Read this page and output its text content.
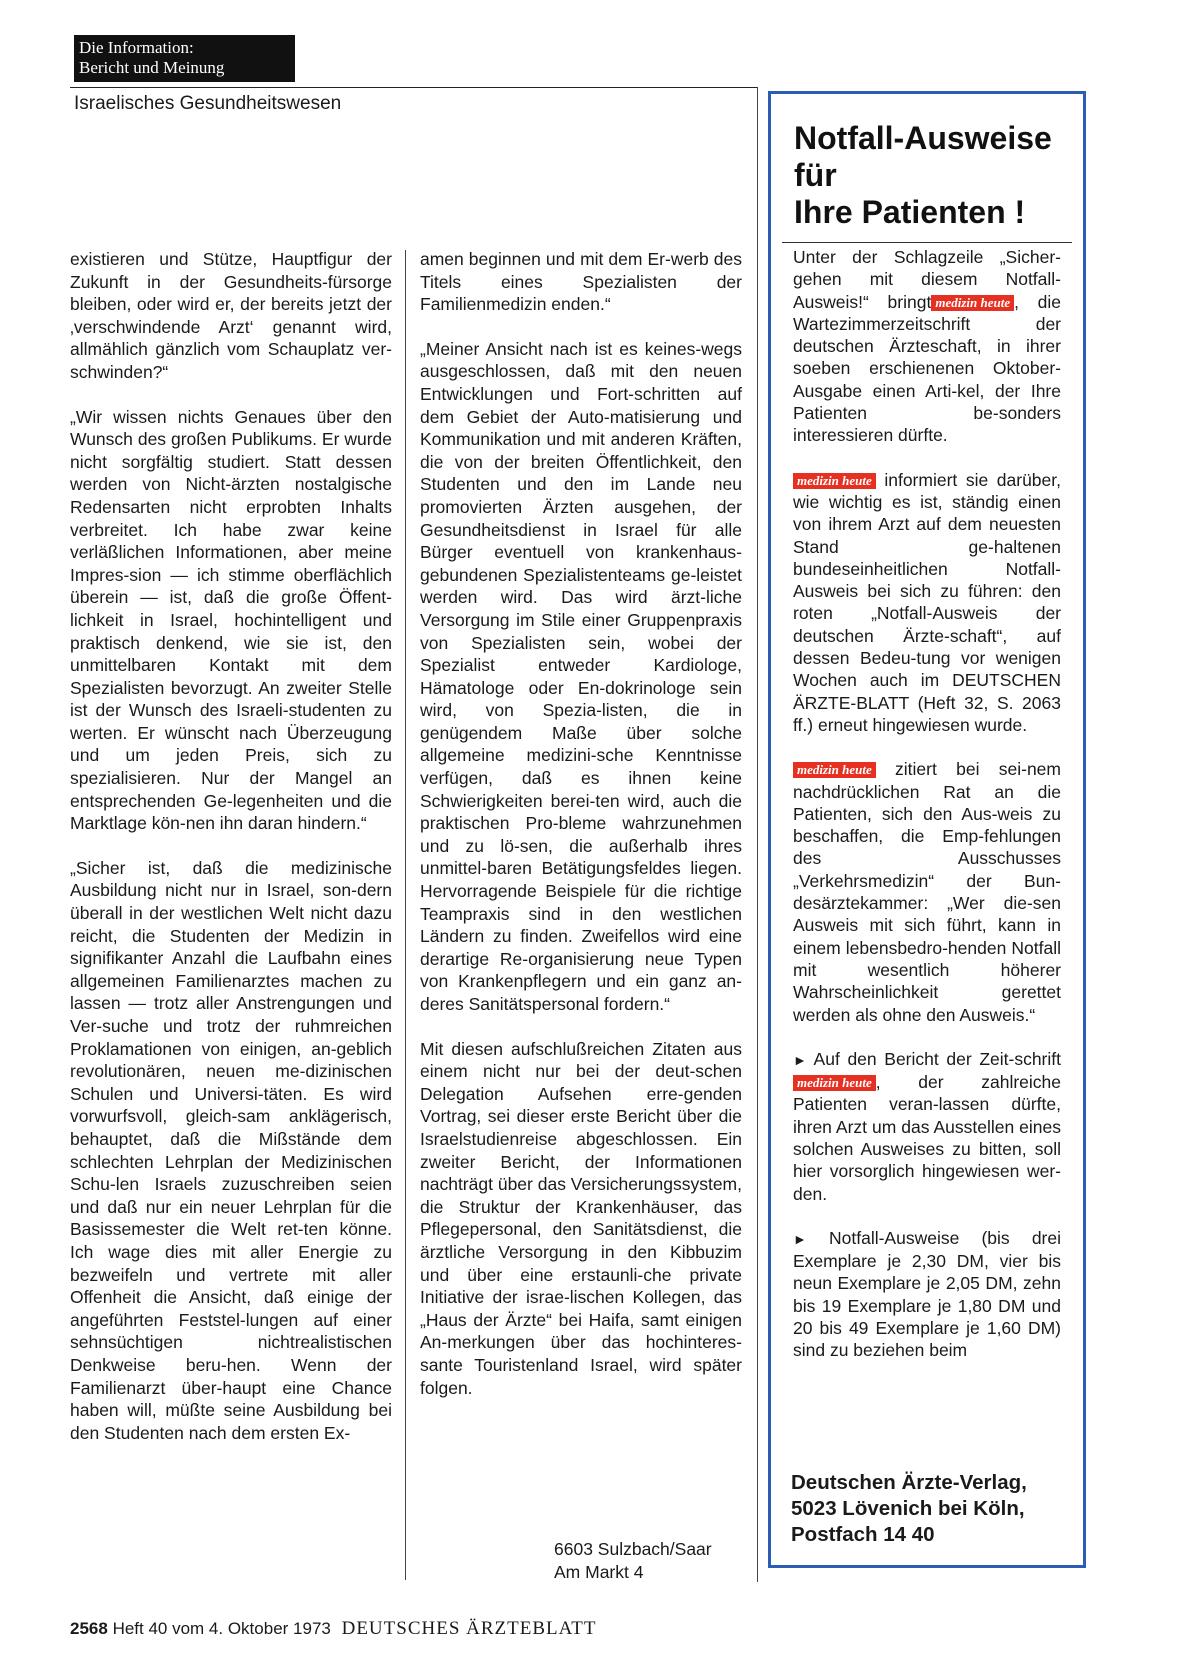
Die Information:
Bericht und Meinung
Israelisches Gesundheitswesen

existieren und Stütze, Hauptfigur der Zukunft in der Gesundheits-fürsorge bleiben, oder wird er, der bereits jetzt der ‚verschwindende Arzt‘ genannt wird, allmählich gänzlich vom Schauplatz ver-schwinden?“

„Wir wissen nichts Genaues über den Wunsch des großen Publikums. Er wurde nicht sorgfältig studiert. Statt dessen werden von Nicht-ärzten nostalgische Redensarten nicht erprobten Inhalts verbreitet. Ich habe zwar keine verläßlichen Informationen, aber meine Impres-sion — ich stimme oberflächlich überein — ist, daß die große Öffent-lichkeit in Israel, hochintelligent und praktisch denkend, wie sie ist, den unmittelbaren Kontakt mit dem Spezialisten bevorzugt. An zweiter Stelle ist der Wunsch des Israeli-studenten zu werten. Er wünscht nach Überzeugung und um jeden Preis, sich zu spezialisieren. Nur der Mangel an entsprechenden Ge-legenheiten und die Marktlage kön-nen ihn daran hindern.“

„Sicher ist, daß die medizinische Ausbildung nicht nur in Israel, son-dern überall in der westlichen Welt nicht dazu reicht, die Studenten der Medizin in signifikanter Anzahl die Laufbahn eines allgemeinen Familienarztes machen zu lassen — trotz aller Anstrengungen und Ver-suche und trotz der ruhmreichen Proklamationen von einigen, an-geblich revolutionären, neuen me-dizinischen Schulen und Universi-täten. Es wird vorwurfsvoll, gleich-sam anklägerisch, behauptet, daß die Mißstände dem schlechten Lehrplan der Medizinischen Schu-len Israels zuzuschreiben seien und daß nur ein neuer Lehrplan für die Basissemester die Welt ret-ten könne. Ich wage dies mit aller Energie zu bezweifeln und vertrete mit aller Offenheit die Ansicht, daß einige der angeführten Feststel-lungen auf einer sehnsüchtigen nichtrealistischen Denkweise beru-hen. Wenn der Familienarzt über-haupt eine Chance haben will, müßte seine Ausbildung bei den Studenten nach dem ersten Ex-

amen beginnen und mit dem Er-werb des Titels eines Spezialisten der Familienmedizin enden.“

„Meiner Ansicht nach ist es keines-wegs ausgeschlossen, daß mit den neuen Entwicklungen und Fort-schritten auf dem Gebiet der Auto-matisierung und Kommunikation und mit anderen Kräften, die von der breiten Öffentlichkeit, den Studenten und den im Lande neu promovierten Ärzten ausgehen, der Gesundheitsdienst in Israel für alle Bürger eventuell von krankenhaus-gebundenen Spezialistenteams ge-leistet werden wird. Das wird ärzt-liche Versorgung im Stile einer Gruppenpraxis von Spezialisten sein, wobei der Spezialist entweder Kardiologe, Hämatologe oder En-dokrinologe sein wird, von Spezia-listen, die in genügendem Maße über solche allgemeine medizini-sche Kenntnisse verfügen, daß es ihnen keine Schwierigkeiten berei-ten wird, auch die praktischen Pro-bleme wahrzunehmen und zu lö-sen, die außerhalb ihres unmittel-baren Betätigungsfeldes liegen. Hervorragende Beispiele für die richtige Teampraxis sind in den westlichen Ländern zu finden. Zweifellos wird eine derartige Re-organisierung neue Typen von Krankenpflegern und ein ganz an-deres Sanitätspersonal fordern.“

Mit diesen aufschlußreichen Zitaten aus einem nicht nur bei der deut-schen Delegation Aufsehen erre-genden Vortrag, sei dieser erste Bericht über die Israelstudienreise abgeschlossen. Ein zweiter Bericht, der Informationen nachträgt über das Versicherungssystem, die Struktur der Krankenhäuser, das Pflegepersonal, den Sanitätsdienst, die ärztliche Versorgung in den Kibbuzim und über eine erstaunli-che private Initiative der israe-lischen Kollegen, das „Haus der Ärzte“ bei Haifa, samt einigen An-merkungen über das hochinteres-sante Touristenland Israel, wird später folgen.

6603 Sulzbach/Saar
Am Markt 4
Notfall-Ausweise
für
Ihre Patienten !

Unter der Schlagzeile „Sicher-gehen mit diesem Notfall-Ausweis!“ bringt medizin heute , die Wartezimmerzeitschrift der deutschen Ärzteschaft, in ihrer soeben erschienenen Oktober-Ausgabe einen Arti-kel, der Ihre Patienten be-sonders interessieren dürfte.

medizin heute informiert sie darüber, wie wichtig es ist, ständig einen von ihrem Arzt auf dem neuesten Stand ge-haltenen bundeseinheitlichen Notfall-Ausweis bei sich zu führen: den roten „Notfall-Ausweis der deutschen Ärzte-schaft“, auf dessen Bedeu-tung vor wenigen Wochen auch im DEUTSCHEN ÄRZTE-BLATT (Heft 32, S. 2063 ff.) erneut hingewiesen wurde.

medizin heute zitiert bei sei-nem nachdrücklichen Rat an die Patienten, sich den Aus-weis zu beschaffen, die Emp-fehlungen des Ausschusses „Verkehrsmedizin“ der Bun-desärztekammer: „Wer die-sen Ausweis mit sich führt, kann in einem lebensbedro-henden Notfall mit wesentlich höherer Wahrscheinlichkeit gerettet werden als ohne den Ausweis.“

► Auf den Bericht der Zeit-schrift medizin heute , der zahlreiche Patienten veran-lassen dürfte, ihren Arzt um das Ausstellen eines solchen Ausweises zu bitten, soll hier vorsorglich hingewiesen wer-den.

► Notfall-Ausweise (bis drei Exemplare je 2,30 DM, vier bis neun Exemplare je 2,05 DM, zehn bis 19 Exemplare je 1,80 DM und 20 bis 49 Exemplare je 1,60 DM) sind zu beziehen beim

Deutschen Ärzte-Verlag,
5023 Lövenich bei Köln,
Postfach 14 40
2568 Heft 40 vom 4. Oktober 1973 DEUTSCHES ÄRZTEBLATT
